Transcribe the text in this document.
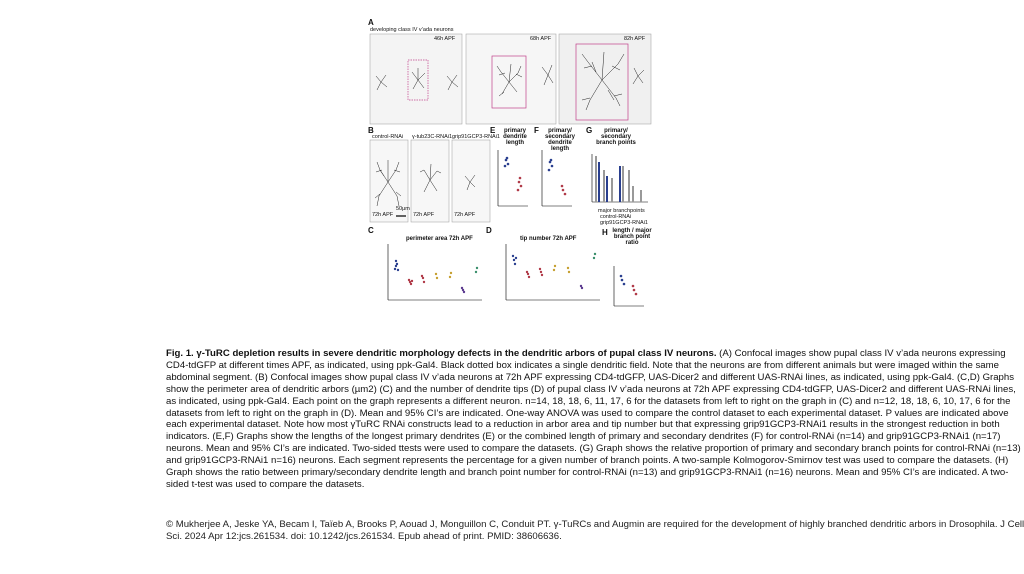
A
developing class IV v’ada neurons
46h APF	68h APF	82h APF
B
control-RNAi γ-tub23C-RNAi1 grip91GCP3-RNAi1
72h APF	72h APF	72h APF
50μm
C
perimeter area 72h APF
D
tip number 72h APF
E	primary dendrite length
F	primary/ secondary dendrite length
G	primary/ secondary branch points
major branchpoints
control-RNAi
grip91GCP3-RNAi1
H length / major branch point ratio
Fig. 1. γ-TuRC depletion results in severe dendritic morphology defects in the dendritic arbors of pupal class IV neurons. (A) Confocal images show pupal class IV v’ada neurons expressing CD4-tdGFP at different times APF, as indicated, using ppk-Gal4. Black dotted box indicates a single dendritic field. Note that the neurons are from different animals but were imaged within the same abdominal segment. (B) Confocal images show pupal class IV v’ada neurons at 72h APF expressing CD4-tdGFP, UAS-Dicer2 and different UAS-RNAi lines, as indicated, using ppk-Gal4. (C,D) Graphs show the perimeter area of dendritic arbors (µm2) (C) and the number of dendrite tips (D) of pupal class IV v’ada neurons at 72h APF expressing CD4-tdGFP, UAS-Dicer2 and different UAS-RNAi lines, as indicated, using ppk-Gal4. Each point on the graph represents a different neuron. n=14, 18, 18, 6, 11, 17, 6 for the datasets from left to right on the graph in (C) and n=12, 18, 18, 6, 10, 17, 6 for the datasets from left to right on the graph in (D). Mean and 95% CI’s are indicated. One-way ANOVA was used to compare the control dataset to each experimental dataset. P values are indicated above each experimental dataset. Note how most γTuRC RNAi constructs lead to a reduction in arbor area and tip number but that expressing grip91GCP3-RNAi1 results in the strongest reduction in both indicators. (E,F) Graphs show the lengths of the longest primary dendrites (E) or the combined length of primary and secondary dendrites (F) for control-RNAi (n=14) and grip91GCP3-RNAi1 (n=17) neurons. Mean and 95% CI’s are indicated. Two-sided ttests were used to compare the datasets. (G) Graph shows the relative proportion of primary and secondary branch points for control-RNAi (n=13) and grip91GCP3-RNAi1 n=16) neurons. Each segment represents the percentage for a given number of branch points. A two-sample Kolmogorov-Smirnov test was used to compare the datasets. (H) Graph shows the ratio between primary/secondary dendrite length and branch point number for control-RNAi (n=13) and grip91GCP3-RNAi1 (n=16) neurons. Mean and 95% CI’s are indicated. A two-sided t-test was used to compare the datasets.
© Mukherjee A, Jeske YA, Becam I, Taïeb A, Brooks P, Aouad J, Monguillon C, Conduit PT. γ-TuRCs and Augmin are required for the development of highly branched dendritic arbors in Drosophila. J Cell Sci. 2024 Apr 12:jcs.261534. doi: 10.1242/jcs.261534. Epub ahead of print. PMID: 38606636.
